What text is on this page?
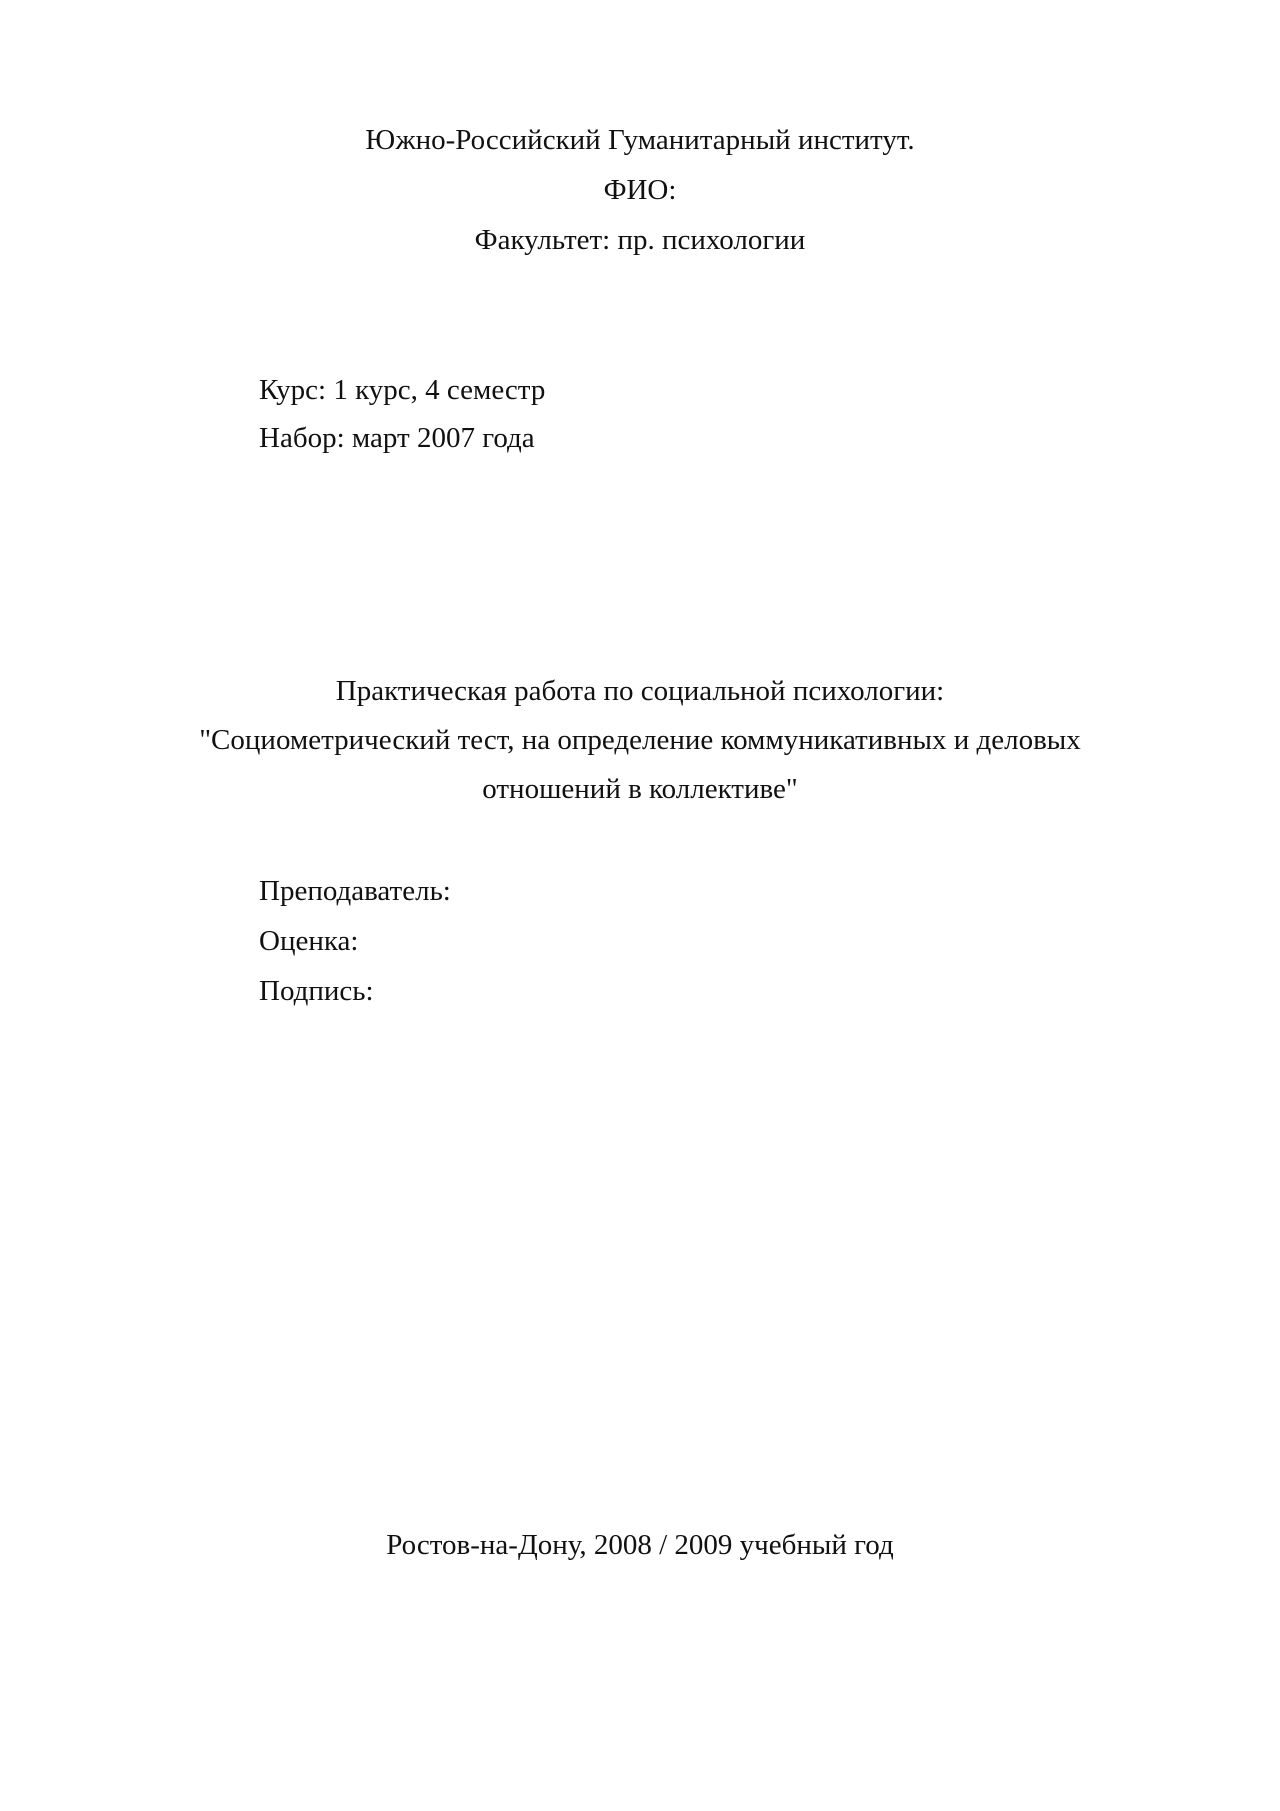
Южно-Российский Гуманитарный институт.
ФИО:
Факультет: пр. психологии
Курс: 1 курс, 4 семестр
Набор: март 2007 года
Практическая работа по социальной психологии:
"Социометрический тест, на определение коммуникативных и деловых
отношений в коллективе"
Преподаватель:
Оценка:
Подпись:
Ростов-на-Дону, 2008 / 2009 учебный год
